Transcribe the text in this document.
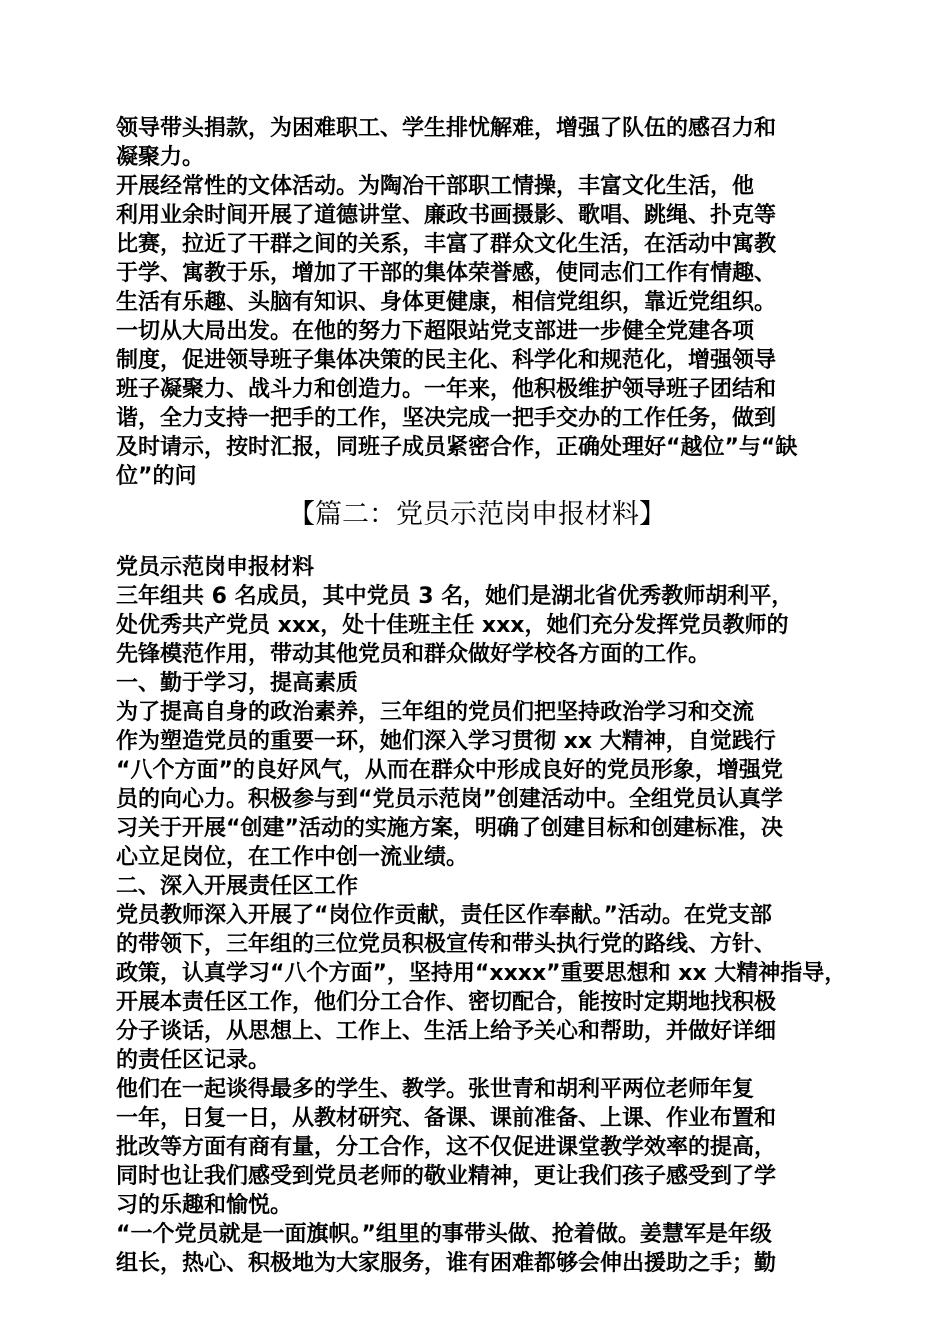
领导带头捐款，为困难职工、学生排忧解难，增强了队伍的感召力和

凝聚力。

开展经常性的文体活动。为陶冶干部职工情操，丰富文化生活，他

利用业余时间开展了道德讲堂、廉政书画摄影、歌唱、跳绳、扑克等

比赛，拉近了干群之间的关系，丰富了群众文化生活，在活动中寓教

于学、寓教于乐，增加了干部的集体荣誉感，使同志们工作有情趣、

生活有乐趣、头脑有知识、身体更健康，相信党组织，靠近党组织。

一切从大局出发。在他的努力下超限站党支部进一步健全党建各项

制度，促进领导班子集体决策的民主化、科学化和规范化，增强领导

班子凝聚力、战斗力和创造力。一年来，他积极维护领导班子团结和

谐，全力支持一把手的工作，坚决完成一把手交办的工作任务，做到

及时请示，按时汇报，同班子成员紧密合作，正确处理好“越位”与“缺

位”的问

【篇二：党员示范岗申报材料】

党员示范岗申报材料

三年组共 6 名成员，其中党员 3 名，她们是湖北省优秀教师胡利平，

处优秀共产党员 xxx，处十佳班主任 xxx，她们充分发挥党员教师的

先锋模范作用，带动其他党员和群众做好学校各方面的工作。

一、勤于学习，提高素质

为了提高自身的政治素养，三年组的党员们把坚持政治学习和交流

作为塑造党员的重要一环，她们深入学习贯彻 xx 大精神，自觉践行

“八个方面”的良好风气，从而在群众中形成良好的党员形象，增强党

员的向心力。积极参与到“党员示范岗”创建活动中。全组党员认真学

习关于开展“创建”活动的实施方案，明确了创建目标和创建标准，决

心立足岗位，在工作中创一流业绩。

二、深入开展责任区工作

党员教师深入开展了“岗位作贡献，责任区作奉献。”活动。在党支部

的带领下，三年组的三位党员积极宣传和带头执行党的路线、方针、

政策，认真学习“八个方面”，坚持用“xxxx”重要思想和 xx 大精神指导，

开展本责任区工作，他们分工合作、密切配合，能按时定期地找积极

分子谈话，从思想上、工作上、生活上给予关心和帮助，并做好详细

的责任区记录。

他们在一起谈得最多的学生、教学。张世青和胡利平两位老师年复

一年，日复一日，从教材研究、备课、课前准备、上课、作业布置和

批改等方面有商有量，分工合作，这不仅促进课堂教学效率的提高，

同时也让我们感受到党员老师的敬业精神，更让我们孩子感受到了学

习的乐趣和愉悦。

“一个党员就是一面旗帜。”组里的事带头做、抢着做。姜慧军是年级

组长，热心、积极地为大家服务，谁有困难都够会伸出援助之手；勤
